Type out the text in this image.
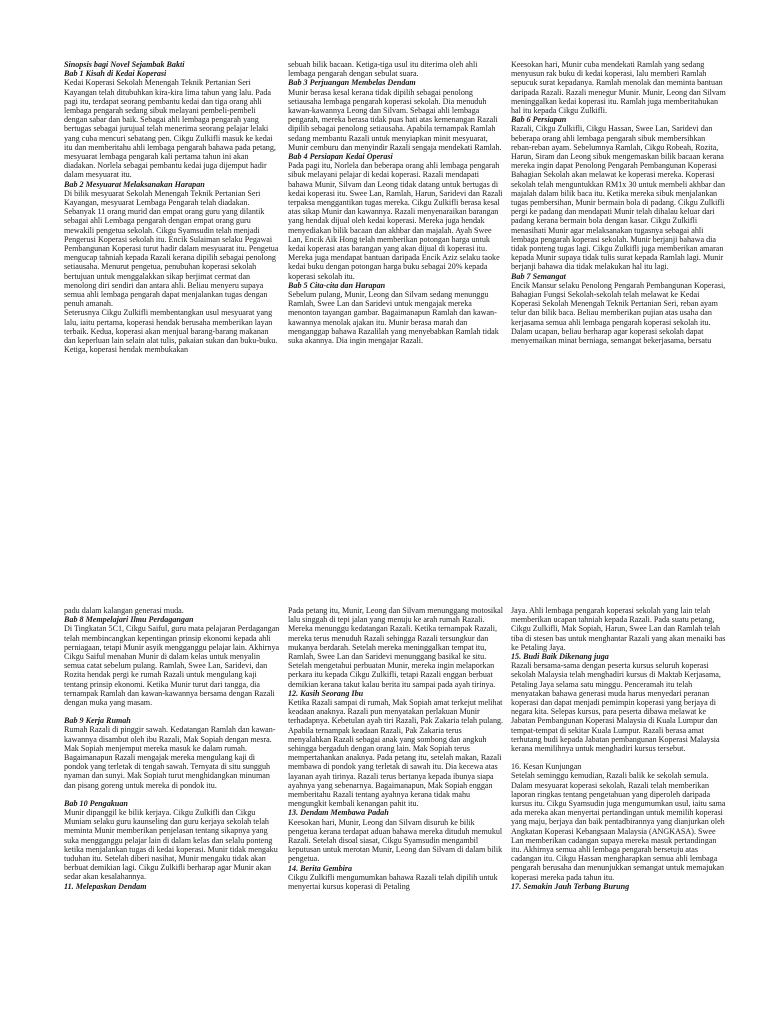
Sinopsis bagi Novel Sejambak Bakti

Bab 1 Kisah di Kedai Koperasi

Kedai Koperasi Sekolah Menengah Teknik Pertanian Seri Kayangan telah ditubuhkan kira-kira lima tahun yang lalu. Pada pagi itu, terdapat seorang pembantu kedai dan tiga orang ahli lembaga pengarah sedang sibuk melayani pembeli-pembeli dengan sabar dan baik. Sebagai ahli lembaga pengarah yang bertugas sebagai jurujual telah menerima seorang pelajar lelaki yang cuba mencuri sebatang pen. Cikgu Zulkifli masuk ke kedai itu dan memberitahu ahli lembaga pengarah bahawa pada petang, mesyuarat lembaga pengarah kali pertama tahun ini akan diadakan. Norlela sebagai pembantu kedai juga dijemput hadir dalam mesyuarat itu.

Bab 2 Mesyuarat Melaksanakan Harapan

Di bilik mesyuarat Sekolah Menengah Teknik Pertanian Seri Kayangan, mesyuarat Lembaga Pengarah telah diadakan. Sebanyak 11 orang murid dan empat orang guru yang dilantik sebagai ahli Lembaga pengarah dengan empat orang guru mewakili pengetua sekolah. Cikgu Syamsudin telah menjadi Pengerusi Koperasi sekolah itu. Encik Sulaiman selaku Pegawai Pembangunan Koperasi turut hadir dalam mesyuarat itu. Pengetua mengucap tahniah kepada Razali kerana dipilih sebagai penolong setiausaha. Menurut pengetua, penubuhan koperasi sekolah bertujuan untuk menggalakkan sikap berjimat cermat dan menolong diri sendiri dan antara ahli. Beliau menyeru supaya semua ahli lembaga pengarah dapat menjalankan tugas dengan penuh amanah.

Seterusnya Cikgu Zulkifli membentangkan usul mesyuarat yang lalu, iaitu pertama, koperasi hendak berusaha memberikan layan terbaik. Kedua, koperasi akan menjual barang-barang makanan dan keperluan lain selain alat tulis, pakaian sukan dan buku-buku. Ketiga, koperasi hendak membukakan

sebuah bilik bacaan. Ketiga-tiga usul itu diterima oleh ahli lembaga pengarah dengan sebulat suara.

Bab 3 Perjuangan Membelas Dendam

Munir berasa kesal kerana tidak dipilih sebagai penolong setiausaha lembaga pengarah koperasi sekolah. Dia menuduh kawan-kawannya Leong dan Silvam. Sebagai ahli lembaga pengarah, mereka berasa tidak puas hati atas kemenangan Razali dipilih sebagai penolong setiausaha. Apabila ternampak Ramlah sedang membantu Razali untuk menyiapkan minit mesyuarat, Munir cemburu dan menyindir Razali sengaja mendekati Ramlah.

Bab 4 Persiapan Kedai Operasi

Pada pagi itu, Norlela dan beberapa orang ahli lembaga pengarah sibuk melayani pelajar di kedai koperasi. Razali mendapati bahawa Munir, Silvam dan Leong tidak datang untuk bertugas di kedai koperasi itu. Swee Lan, Ramlah, Harun, Saridevi dan Razali terpaksa menggantikan tugas mereka. Cikgu Zulkifli berasa kesal atas sikap Munir dan kawannya. Razali menyenaraikan barangan yang hendak dijual oleh kedai koperasi. Mereka juga hendak menyediakan bilik bacaan dan akhbar dan majalah. Ayah Swee Lan, Encik Aik Hong telah memberikan potongan harga untuk kedai koperasi atas barangan yang akan dijual di koperasi itu. Mereka juga mendapat bantuan daripada Encik Aziz selaku taoke kedai buku dengan potongan harga buku sebagai 20% kepada koperasi sekolah itu.

Bab 5 Cita-cita dan Harapan

Sebelum pulang, Munir, Leong dan Silvam sedang menunggu Ramlah, Swee Lan dan Saridevi untuk mengajak mereka menonton tayangan gambar. Bagaimanapun Ramlah dan kawan-kawannya menolak ajakan itu. Munir berasa marah dan menganggap bahawa Razalilah yang menyebabkan Ramlah tidak suka akannya. Dia ingin mengajar Razali.

Keesokan hari, Munir cuba mendekati Ramlah yang sedang menyusun rak buku di kedai koperasi, lalu memberi Ramlah sepucuk surat kepadanya. Ramlah menolak dan meminta bantuan daripada Razali. Razali menegur Munir. Munir, Leong dan Silvam meninggalkan kedai koperasi itu. Ramlah juga memberitahukan hal itu kepada Cikgu Zulkifli.

Bab 6 Persiapan

Razali, Cikgu Zulkifli, Cikgu Hassan, Swee Lan, Saridevi dan beberapa orang ahli lembaga pengarah sibuk membersihkan reban-reban ayam. Sebelumnya Ramlah, Cikgu Robeah, Rozita, Harun, Siram dan Leong sibuk mengemaskan bilik bacaan kerana mereka ingin dapat Penolong Pengarah Pembangunan Koperasi Bahagian Sekolah akan melawat ke koperasi mereka. Koperasi sekolah telah menguntukkan RM1x 30 untuk membeli akhbar dan majalah dalam bilik baca itu. Ketika mereka sibuk menjalankan tugas pembersihan, Munir bermain bola di padang. Cikgu Zulkifli pergi ke padang dan mendapati Munir telah dihalau keluar dari padang kerana bermain bola dengan kasar. Cikgu Zulkifli menasihati Munir agar melaksanakan tugasnya sebagai ahli lembaga pengarah koperasi sekolah. Munir berjanji bahawa dia tidak ponteng tugas lagi. Cikgu Zulkifli juga memberikan amaran kepada Munir supaya tidak tulis surat kepada Ramlah lagi. Munir berjanji bahawa dia tidak melakukan hal itu lagi.

Bab 7 Semangat

Encik Mansur selaku Penolong Pengarah Pembangunan Koperasi, Bahagian Fungsi Sekolah-sekolah telah melawat ke Kedai Koperasi Sekolah Menengah Teknik Pertanian Seri, reban ayam telur dan bilik baca. Beliau memberikan pujian atas usaha dan kerjasama semua ahli lembaga pengarah koperasi sekolah itu. Dalam ucapan, beliau berharap agar koperasi sekolah dapat menyemaikan minat berniaga, semangat bekerjasama, bersatu

padu dalam kalangan generasi muda.

Bab 8 Mempelajari Ilmu Perdagangan

Di Tingkatan 5C1, Cikgu Saiful, guru mata pelajaran Perdagangan telah membincangkan kepentingan prinsip ekonomi kepada ahli perniagaan, tetapi Munir asyik mengganggu pelajar lain. Akhirnya Cikgu Saiful menahan Munir di dalam kelas untuk menyalin semua catat sebelum pulang. Ramlah, Swee Lan, Saridevi, dan Rozita hendak pergi ke rumah Razali untuk mengulang kaji tentang prinsip ekonomi. Ketika Munir turut dari tangga, dia ternampak Ramlah dan kawan-kawannya bersama dengan Razali dengan muka yang masam.

Bab 9 Kerja Rumah

Rumah Razali di pinggir sawah. Kedatangan Ramlah dan kawan-kawannya disambut oleh ibu Razali, Mak Sopiah dengan mesra. Mak Sopiah menjemput mereka masuk ke dalam rumah. Bagaimanapun Razali mengajak mereka mengulang kaji di pondok yang terletak di tengah sawah. Ternyata di situ sungguh nyaman dan sunyi. Mak Sopiah turut menghidangkan minuman dan pisang goreng untuk mereka di pondok itu.

Bab 10 Pengakuan

Munir dipanggil ke bilik kerjaya. Cikgu Zulkifli dan Cikgu Muniam selaku guru kaunseling dan guru kerjaya sekolah telah meminta Munir memberikan penjelasan tentang sikapnya yang suka mengganggu pelajar lain di dalam kelas dan selalu ponteng ketika menjalankan tugas di kedai koperasi. Munir tidak mengaku tuduhan itu. Setelah diberi nasihat, Munir mengaku tidak akan berbuat demikian lagi. Cikgu Zulkifli berharap agar Munir akan sedar akan kesalahannya.

11. Melepaskan Dendam

Pada petang itu, Munir, Leong dan Silvam menunggang motosikal lalu singgah di tepi jalan yang menuju ke arah rumah Razali. Mereka menunggu kedatangan Razali. Ketika ternampak Razali, mereka terus menuduh Razali sehingga Razali tersungkur dan mukanya berdarah. Setelah mereka meninggalkan tempat itu, Ramlah, Swee Lan dan Saridevi menunggang basikal ke situ. Setelah mengetahui perbuatan Munir, mereka ingin melaporkan perkara itu kepada Cikgu Zulkifli, tetapi Razali enggan berbuat demikian kerana takut kalau berita itu sampai pada ayah tirinya.

12. Kasih Seorang Ibu

Ketika Razali sampai di rumah, Mak Sopiah amat terkejut melihat keadaan anaknya. Razali pun menyatakan perlakuan Munir terhadapnya. Kebetulan ayah tiri Razali, Pak Zakaria telah pulang. Apabila ternampak keadaan Razali, Pak Zakaria terus menyalahkan Razali sebagai anak yang sombong dan angkuh sehingga bergaduh dengan orang lain. Mak Sopiah terus mempertahankan anaknya. Pada petang itu, setelah makan, Razali membawa di pondok yang terletak di sawah itu. Dia kecewa atas layanan ayah tirinya. Razali terus bertanya kepada ibunya siapa ayahnya yang sebenarnya. Bagaimanapun, Mak Sopiah enggan memberitahu Razali tentang ayahnya kerana tidak mahu mengungkit kembali kenangan pahit itu.

13. Dendam Membawa Padah

Keesokan hari, Munir, Leong dan Silvam disuruh ke bilik pengetua kerana terdapat aduan bahawa mereka dituduh memukul Razali. Setelah disoal siasat, Cikgu Syamsudin mengambil keputusan untuk merotan Munir, Leong dan Silvam di dalam bilik pengetua.

14. Berita Gembira

Cikgu Zulkifli mengumumkan bahawa Razali telah dipilih untuk menyertai kursus koperasi di Petaling

Jaya. Ahli lembaga pengarah koperasi sekolah yang lain telah memberikan ucapan tahniah kepada Razali. Pada suatu petang, Cikgu Zulkifli, Mak Sopiah, Harun, Swee Lan dan Ramlah telah tiba di stesen bas untuk menghantar Razali yang akan menaiki bas ke Petaling Jaya.

15. Budi Baik Dikenang juga

Razali bersama-sama dengan peserta kursus seluruh koperasi sekolah Malaysia telah menghadiri kursus di Maktab Kerjasama, Petaling Jaya selama satu minggu. Penceramah itu telah menyatakan bahawa generasi muda harus menyedari peranan koperasi dan dapat menjadi pemimpin koperasi yang berjaya di negara kita. Selepas kursus, para peserta dibawa melawat ke Jabatan Pembangunan Koperasi Malaysia di Kuala Lumpur dan tempat-tempat di sekitar Kuala Lumpur. Razali berasa amat terhutang budi kepada Jabatan pembangunan Koperasi Malaysia kerana memilihnya untuk menghadiri kursus tersebut.

16. Kesan Kunjungan

Setelah seminggu kemudian, Razali balik ke sekolah semula. Dalam mesyuarat koperasi sekolah, Razali telah memberikan laporan ringkas tentang pengetahuan yang diperoleh daripada kursus itu. Cikgu Syamsudin juga mengumumkan usul, iaitu sama ada mereka akan menyertai pertandingan untuk memilih koperasi yang maju, berjaya dan baik pentadbirannya yang dianjurkan oleh Angkatan Koperasi Kebangsaan Malaysia (ANGKASA). Swee Lan memberikan cadangan supaya mereka masuk pertandingan itu. Akhirnya semua ahli lembaga pengarah bersetuju atas cadangan itu. Cikgu Hassan mengharapkan semua ahli lembaga pengarah berusaha dan menunjukkan semangat untuk memajukan koperasi mereka pada tahun itu.

17. Semakin Jauh Terbang Burung
